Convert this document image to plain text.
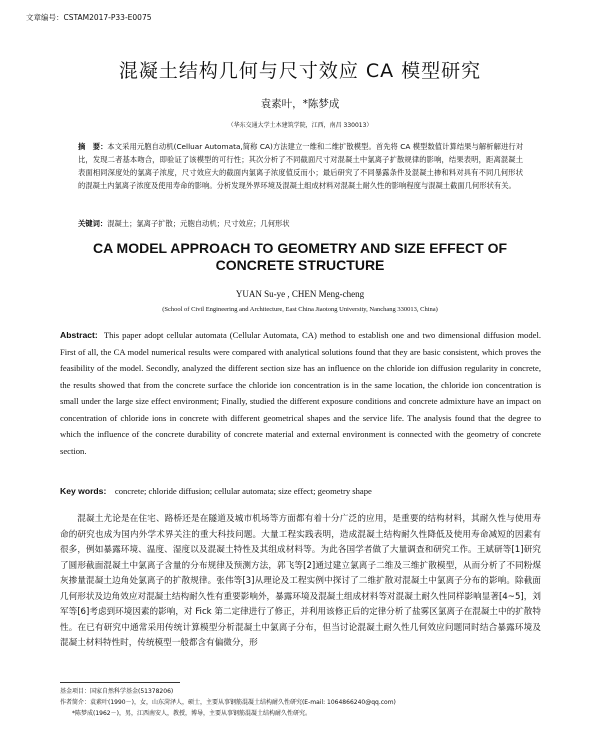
文章编号：CSTAM2017-P33-E0075
混凝土结构几何与尺寸效应 CA 模型研究
袁素叶，*陈梦成
（华东交通大学土木建筑学院，江西，南昌 330013）
摘　要：本文采用元胞自动机(Celluar Automata,简称 CA)方法建立一维和二维扩散模型。首先将 CA 模型数值计算结果与解析解进行对比，发现二者基本吻合，即验证了该模型的可行性；其次分析了不同截面尺寸对混凝土中氯离子扩散规律的影响，结果表明，距离混凝土表面相同深度处的氯离子浓度，尺寸效应大的截面内氯离子浓度值反而小；最后研究了不同暴露条件及混凝土掺和料对具有不同几何形状的混凝土内氯离子浓度及使用寿命的影响。分析发现外界环境及混凝土组成材料对混凝土耐久性的影响程度与混凝土截面几何形状有关。
关键词：混凝土；氯离子扩散；元胞自动机；尺寸效应；几何形状
CA MODEL APPROACH TO GEOMETRY AND SIZE EFFECT OF CONCRETE STRUCTURE
YUAN Su-ye , CHEN Meng-cheng
(School of Civil Engineering and Architecture, East China Jiaotong University, Nanchang 330013, China)
Abstract: This paper adopt cellular automata (Cellular Automata, CA) method to establish one and two dimensional diffusion model. First of all, the CA model numerical results were compared with analytical solutions found that they are basic consistent, which proves the feasibility of the model. Secondly, analyzed the different section size has an influence on the chloride ion diffusion regularity in concrete, the results showed that from the concrete surface the chloride ion concentration is in the same location, the chloride ion concentration is small under the large size effect environment; Finally, studied the different exposure conditions and concrete admixture have an impact on concentration of chloride ions in concrete with different geometrical shapes and the service life. The analysis found that the degree to which the influence of the concrete durability of concrete material and external environment is connected with the geometry of concrete section.
Key words: concrete; chloride diffusion; cellular automata; size effect; geometry shape
混凝土尤论是在住宅、路桥还是在隧道及城市机场等方面都有着十分广泛的应用，是重要的结构材料，其耐久性与使用寿命的研究也成为国内外学术界关注的重大科技问题。大量工程实践表明，造成混凝土结构耐久性降低及使用寿命减短的因素有很多，例如暴露环境、温度、湿度以及混凝土特性及其组成材料等。为此各国学者做了大量调查和研究工作。王斌研等[1]研究了圆形截面混凝土中氯离子含量的分布规律及预测方法，郭飞等[2]通过建立氯离子二维及三维扩散模型，从而分析了不同粉煤灰掺量混凝土边角处氯离子的扩散规律。张伟等[3]从理论及工程实例中探讨了二维扩散对混凝土中氯离子分布的影响。除截面几何形状及边角效应对混凝土结构耐久性有重要影响外，暴露环境及混凝土组成材料等对混凝土耐久性同样影响显著[4~5]，刘军等[6]考虑到环境因素的影响，对 Fick 第二定律进行了修正，并利用该修正后的定律分析了盐雾区氯离子在混凝土中的扩散特性。在已有研究中通常采用传统计算模型分析混凝土中氯离子分布，但当讨论混凝土耐久性几何效应问题同时结合暴露环境及混凝土材料特性时，传统模型一般都含有偏微分，形
基金项目：国家自然科学基金(51378206)
作者简介：袁素叶(1990－)，女，山东菏泽人，硕士，主要从事钢筋混凝土结构耐久性研究(E-mail: 1064866240@qq.com)
*陈梦成(1962－)，男，江西南安人，教授，博导，主要从事钢筋混凝土结构耐久性研究。
